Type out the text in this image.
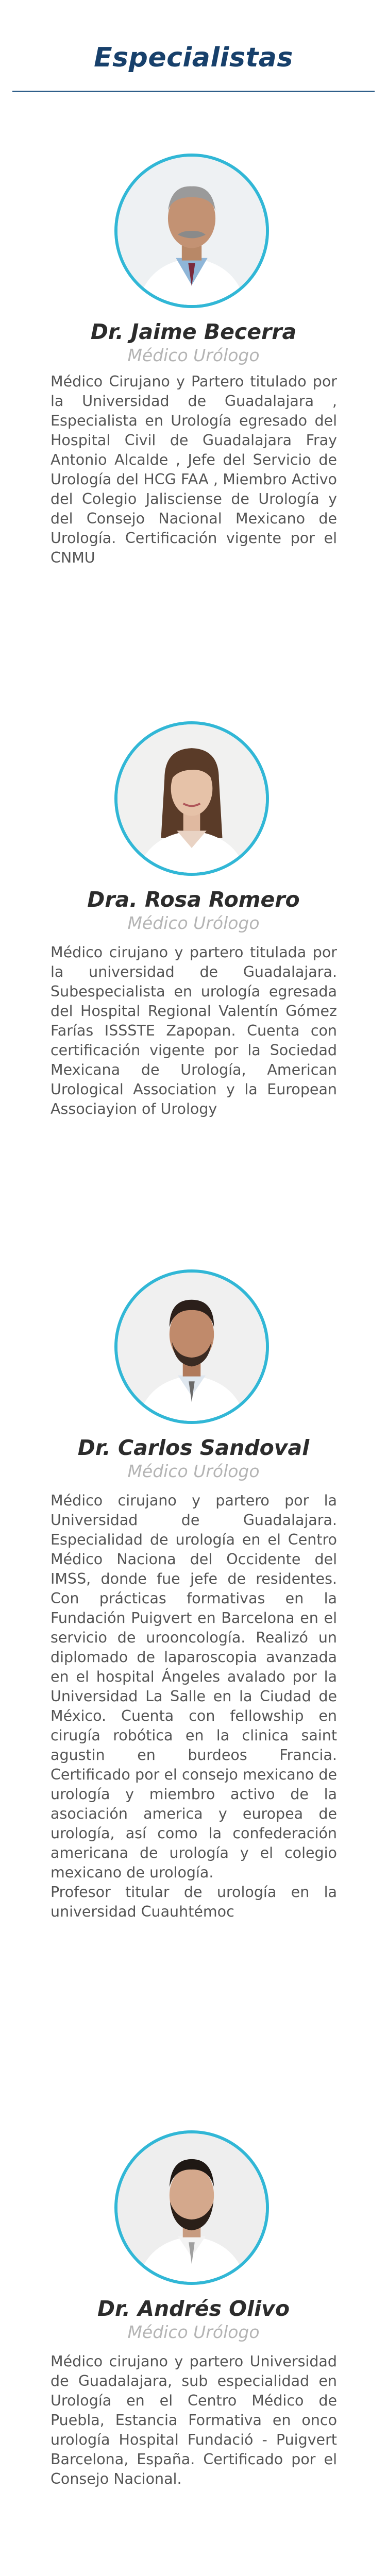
Especialistas
Dr. Jaime Becerra

Médico Urólogo

Médico Cirujano y Partero titulado por la Universidad de Guadalajara , Especialista en Urología egresado del Hospital Civil de Guadalajara Fray Antonio Alcalde , Jefe del Servicio de Urología del HCG FAA , Miembro Activo del Colegio Jalisciense de Urología y del Consejo Nacional Mexicano de Urología. Certificación vigente por el CNMU

Dra. Rosa Romero

Médico Urólogo

Médico cirujano y partero titulada por la universidad de Guadalajara. Subespecialista en urología egresada del Hospital Regional Valentín Gómez Farías ISSSTE Zapopan. Cuenta con certificación vigente por la Sociedad Mexicana de Urología, American Urological Association y la European Associayion of Urology

Dr. Carlos Sandoval

Médico Urólogo

Médico cirujano y partero por la Universidad de Guadalajara. Especialidad de urología en el Centro Médico Naciona del Occidente del IMSS, donde fue jefe de residentes. Con prácticas formativas en la Fundación Puigvert en Barcelona en el servicio de urooncología. Realizó un diplomado de laparoscopia avanzada en el hospital Ángeles avalado por la Universidad La Salle en la Ciudad de México. Cuenta con fellowship en cirugía robótica en la clinica saint agustin en burdeos Francia. Certificado por el consejo mexicano de urología y miembro activo de la asociación america y europea de urología, así como la confederación americana de urología y el colegio mexicano de urología.
Profesor titular de urología en la universidad Cuauhtémoc

Dr. Andrés Olivo

Médico Urólogo

Médico cirujano y partero Universidad de Guadalajara, sub especialidad en Urología en el Centro Médico de Puebla, Estancia Formativa en onco urología Hospital Fundació - Puigvert Barcelona, España. Certificado por el Consejo Nacional.
